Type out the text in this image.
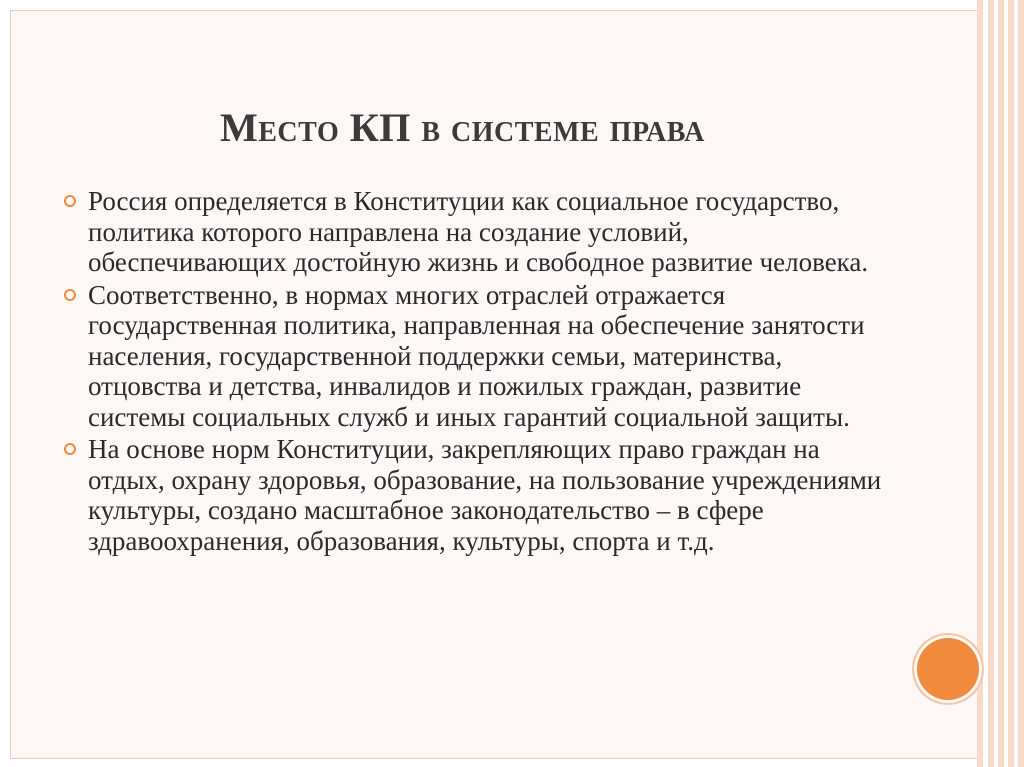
Место КП в системе права
Россия определяется в Конституции как социальное государство, политика которого направлена на создание условий, обеспечивающих достойную жизнь и свободное развитие человека.
Соответственно, в нормах многих отраслей отражается государственная политика, направленная на обеспечение занятости населения, государственной поддержки семьи, материнства, отцовства и детства, инвалидов и пожилых граждан, развитие системы социальных служб и иных гарантий социальной защиты.
На основе норм Конституции, закрепляющих право граждан на отдых, охрану здоровья, образование, на пользование учреждениями культуры, создано масштабное законодательство – в сфере здравоохранения, образования, культуры, спорта и т.д.
